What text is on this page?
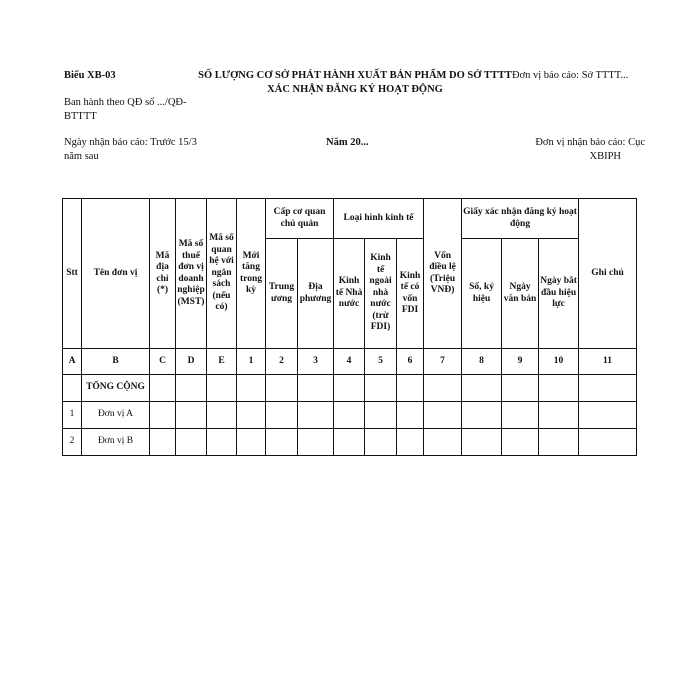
Biểu XB-03	SỐ LƯỢNG CƠ SỞ PHÁT HÀNH XUẤT BẢN PHẨM DO SỞ TTTT XÁC NHẬN ĐĂNG KÝ HOẠT ĐỘNG
Đơn vị báo cáo: Sở TTTT...
Ban hành theo QĐ số .../QĐ-BTTTT
Ngày nhận báo cáo: Trước 15/3 năm sau
Năm 20...	Đơn vị nhận báo cáo: Cục
XBIPH
Stt	Tên đơn vị	Mã địa chỉ (*)	Mã số thuế đơn vị doanh nghiệp (MST)	Mã số quan hệ với ngân sách (nếu có)	Mới tăng trong kỳ	Cấp cơ quan chủ quản		Loại hình kinh tế			Vốn điều lệ (Triệu VNĐ)	Giấy xác nhận đăng ký hoạt động			Ghi chú
						Trung ương	Địa phương	Kinh tế Nhà nước	Kinh tế ngoài nhà nước (trừ FDI)	Kinh tế có vốn FDI		Số, ký hiệu	Ngày văn bản	Ngày bắt đầu hiệu lực	
A	B	C	D	E	1	2	3	4	5	6	7	8	9	10	11
	TỔNG CỘNG														
1	Đơn vị A														
2	Đơn vị B														
